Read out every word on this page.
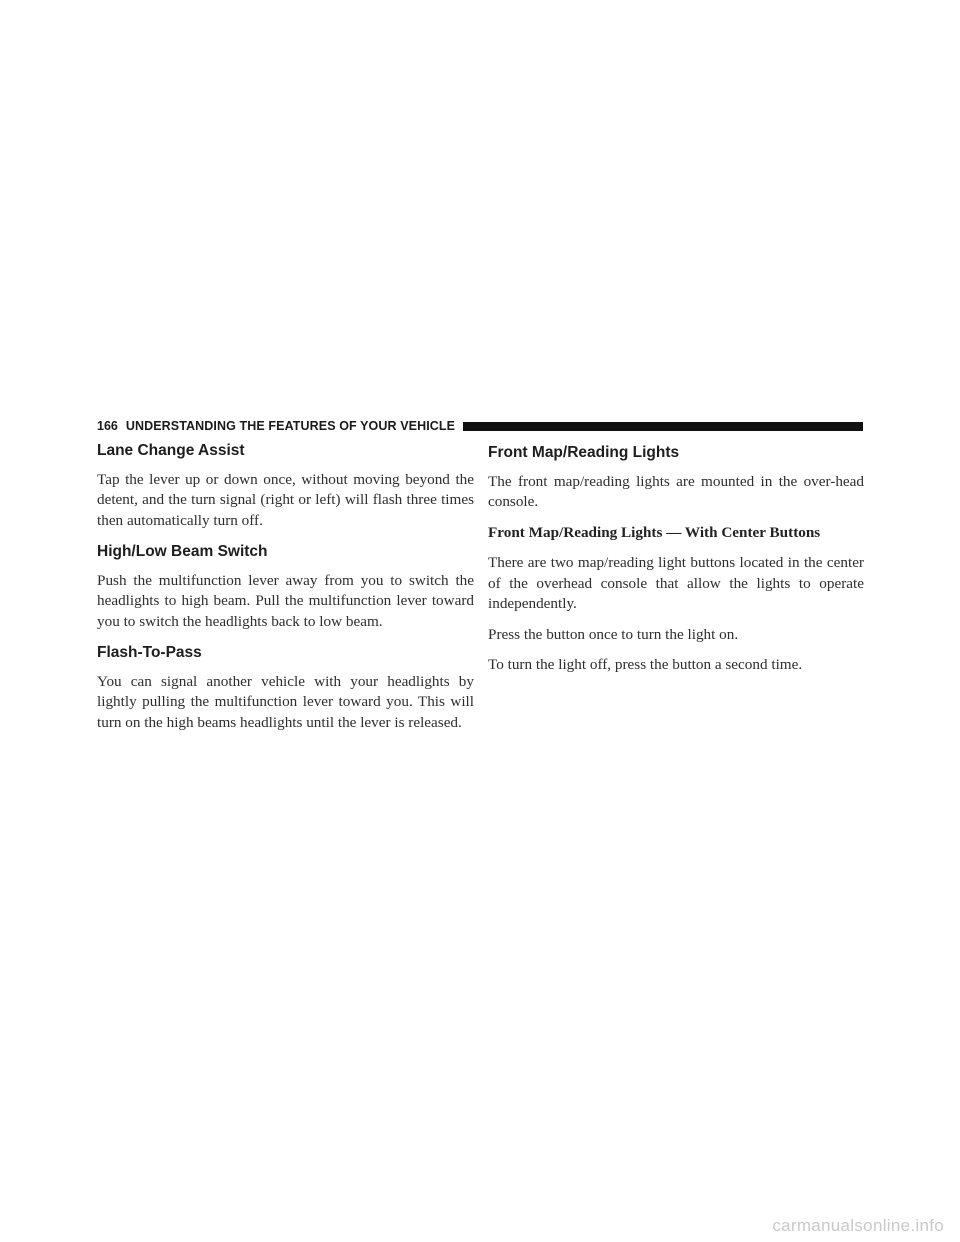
166 UNDERSTANDING THE FEATURES OF YOUR VEHICLE
Lane Change Assist

Tap the lever up or down once, without moving beyond the detent, and the turn signal (right or left) will flash three times then automatically turn off.

High/Low Beam Switch

Push the multifunction lever away from you to switch the headlights to high beam. Pull the multifunction lever toward you to switch the headlights back to low beam.

Flash-To-Pass

You can signal another vehicle with your headlights by lightly pulling the multifunction lever toward you. This will turn on the high beams headlights until the lever is released.

Front Map/Reading Lights

The front map/reading lights are mounted in the over-head console.

Front Map/Reading Lights — With Center Buttons

There are two map/reading light buttons located in the center of the overhead console that allow the lights to operate independently.

Press the button once to turn the light on.

To turn the light off, press the button a second time.

carmanualsonline.info
